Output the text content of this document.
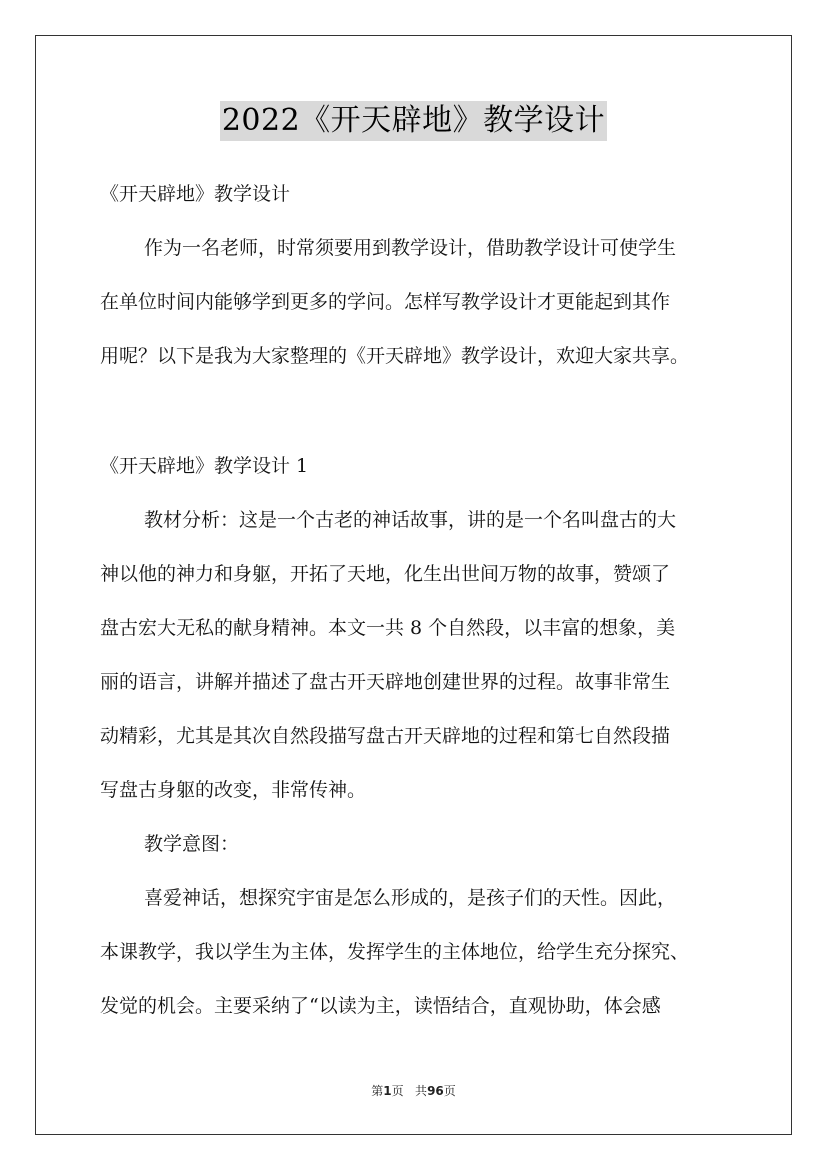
2022《开天辟地》教学设计
《开天辟地》教学设计
作为一名老师，时常须要用到教学设计，借助教学设计可使学生
在单位时间内能够学到更多的学问。怎样写教学设计才更能起到其作
用呢？以下是我为大家整理的《开天辟地》教学设计，欢迎大家共享。
《开天辟地》教学设计 1
教材分析：这是一个古老的神话故事，讲的是一个名叫盘古的大
神以他的神力和身躯，开拓了天地，化生出世间万物的故事，赞颂了
盘古宏大无私的献身精神。本文一共 8 个自然段，以丰富的想象，美
丽的语言，讲解并描述了盘古开天辟地创建世界的过程。故事非常生
动精彩，尤其是其次自然段描写盘古开天辟地的过程和第七自然段描
写盘古身躯的改变，非常传神。
教学意图：
喜爱神话，想探究宇宙是怎么形成的，是孩子们的天性。因此，
本课教学，我以学生为主体，发挥学生的主体地位，给学生充分探究、
发觉的机会。主要采纳了“以读为主，读悟结合，直观协助，体会感
第1页 共96页
